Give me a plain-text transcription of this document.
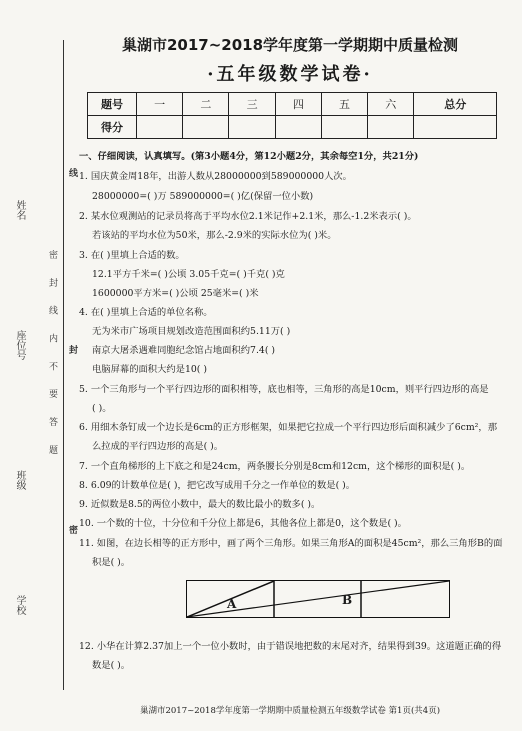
姓名
座位号
班级
学校
密 封 线 内 不 要 答 题
线
封
密
巢湖市2017~2018学年度第一学期期中质量检测
·五年级数学试卷·
题号	一	二	三	四	五	六	总分
得分							
一、仔细阅读，认真填写。(第3小题4分，第12小题2分，其余每空1分，共21分)
1. 国庆黄金周18年，出游人数从28000000到589000000人次。
28000000=( )万 589000000=( )亿(保留一位小数)
2. 某水位观测站的记录员将高于平均水位2.1米记作+2.1米，那么-1.2米表示( )。
若该站的平均水位为50米，那么-2.9米的实际水位为( )米。
3. 在( )里填上合适的数。
12.1平方千米=( )公顷 3.05千克=( )千克( )克
1600000平方米=( )公顷 25毫米=( )米
4. 在( )里填上合适的单位名称。
无为米市广场项目规划改造范围面积约5.11万( )
南京大屠杀遇难同胞纪念馆占地面积约7.4( )
电脑屏幕的面积大约是10( )
5. 一个三角形与一个平行四边形的面积相等，底也相等，三角形的高是10cm，则平行四边形的高是
( )。
6. 用细木条钉成一个边长是6cm的正方形框架，如果把它拉成一个平行四边形后面积减少了6cm²，那
么拉成的平行四边形的高是( )。
7. 一个直角梯形的上下底之和是24cm，两条腰长分别是8cm和12cm，这个梯形的面积是( )。
8. 6.09的计数单位是( )，把它改写成用千分之一作单位的数是( )。
9. 近似数是8.5的两位小数中，最大的数比最小的数多( )。
10. 一个数的十位，十分位和千分位上都是6，其他各位上都是0，这个数是( )。
11. 如图，在边长相等的正方形中，画了两个三角形。如果三角形A的面积是45cm²，那么三角形B的面
积是( )。
A	B
12. 小华在计算2.37加上一个一位小数时，由于错误地把数的末尾对齐，结果得到39。这道题正确的得
数是( )。
巢湖市2017~2018学年度第一学期期中质量检测五年级数学试卷 第1页(共4页)
